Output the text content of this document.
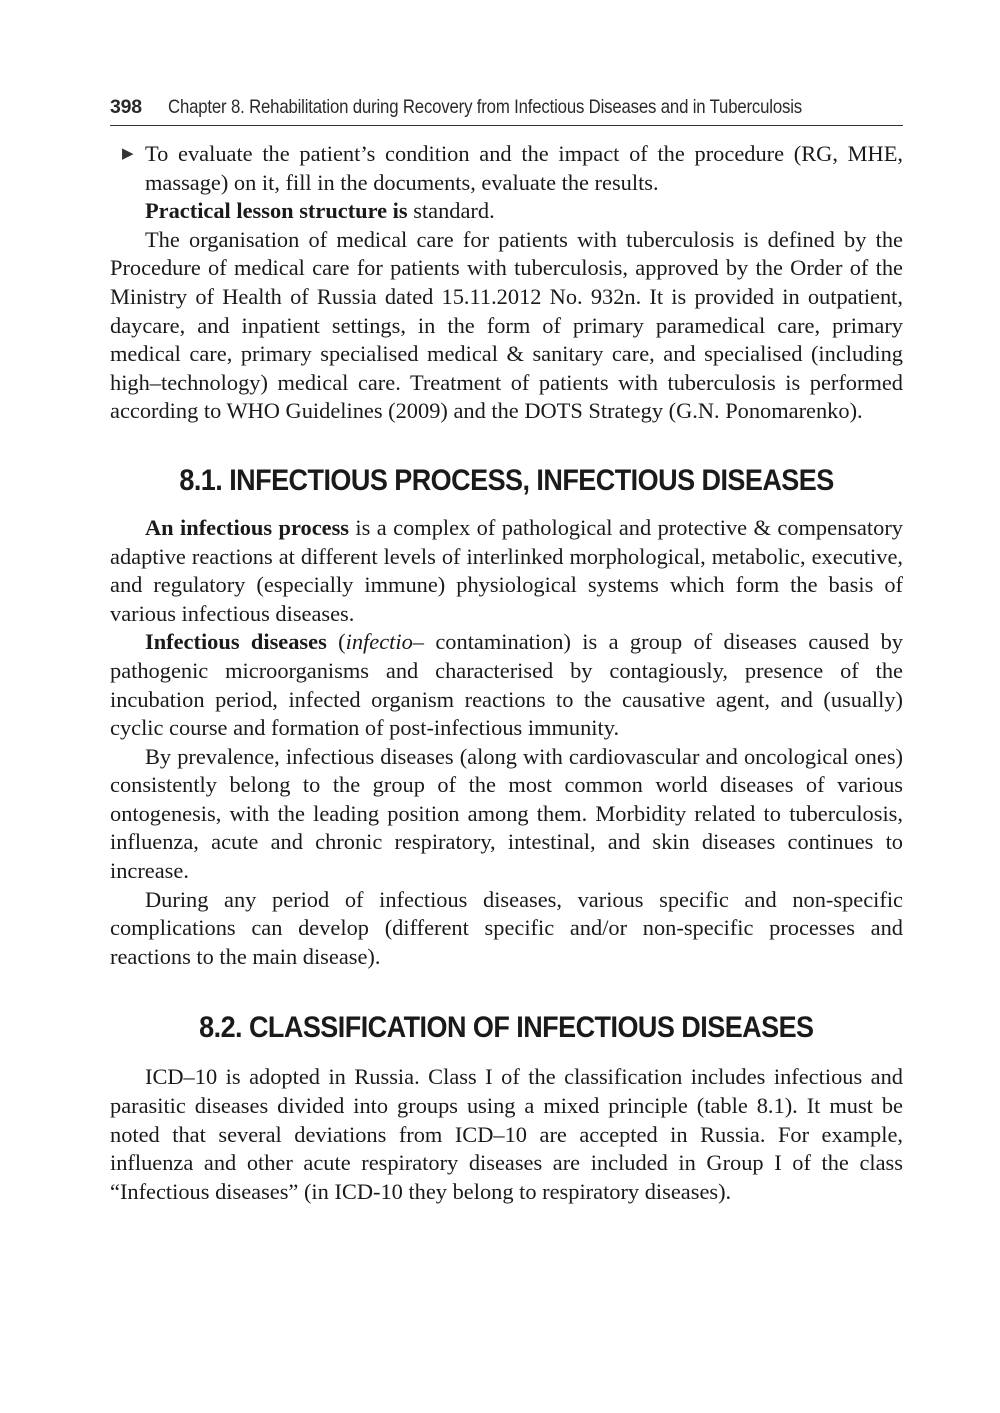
398 Chapter 8. Rehabilitation during Recovery from Infectious Diseases and in Tuberculosis
▶ To evaluate the patient’s condition and the impact of the procedure (RG, MHE, massage) on it, fill in the documents, evaluate the results.
Practical lesson structure is standard.

The organisation of medical care for patients with tuberculosis is defined by the Procedure of medical care for patients with tuberculosis, approved by the Order of the Ministry of Health of Russia dated 15.11.2012 No. 932n. It is provided in outpatient, daycare, and inpatient settings, in the form of primary paramedical care, primary medical care, primary specialised medical & sanitary care, and specialised (including high–technology) medical care. Treatment of patients with tuberculosis is performed according to WHO Guidelines (2009) and the DOTS Strategy (G.N. Ponomarenko).

8.1. INFECTIOUS PROCESS, INFECTIOUS DISEASES

An infectious process is a complex of pathological and protective & compensatory adaptive reactions at different levels of interlinked morphological, metabolic, executive, and regulatory (especially immune) physiological systems which form the basis of various infectious diseases.

Infectious diseases (infectio– contamination) is a group of diseases caused by pathogenic microorganisms and characterised by contagiously, presence of the incubation period, infected organism reactions to the causative agent, and (usually) cyclic course and formation of post-infectious immunity.

By prevalence, infectious diseases (along with cardiovascular and oncological ones) consistently belong to the group of the most common world diseases of various ontogenesis, with the leading position among them. Morbidity related to tuberculosis, influenza, acute and chronic respiratory, intestinal, and skin diseases continues to increase.

During any period of infectious diseases, various specific and non-specific complications can develop (different specific and/or non-specific processes and reactions to the main disease).

8.2. CLASSIFICATION OF INFECTIOUS DISEASES

ICD–10 is adopted in Russia. Class I of the classification includes infectious and parasitic diseases divided into groups using a mixed principle (table 8.1). It must be noted that several deviations from ICD–10 are accepted in Russia. For example, influenza and other acute respiratory diseases are included in Group I of the class “Infectious diseases” (in ICD-10 they belong to respiratory diseases).
